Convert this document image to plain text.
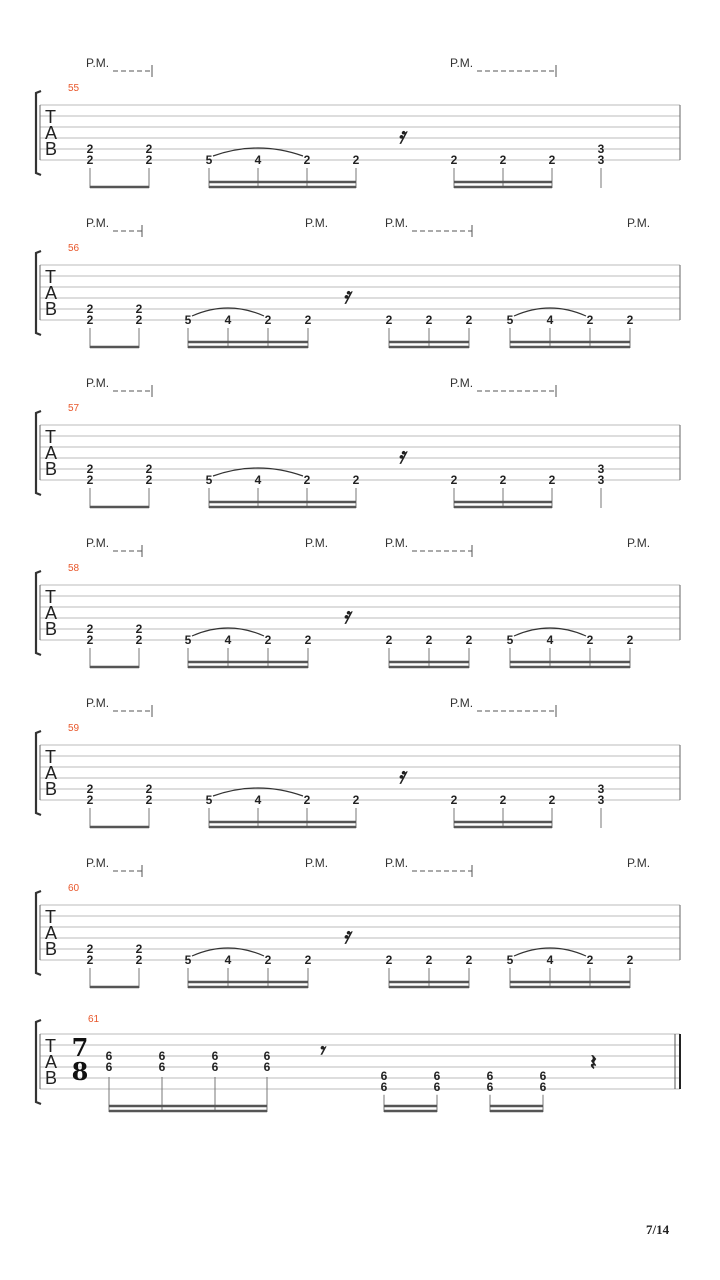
T
A
B
55
P.M.	P.M.
𝄿
2
2
2
2	5	4	2	2	2	2	2
3
3
T
A
B
56
P.M.	P.M.	P.M.	P.M.
𝄿
2
2
2
2	5	4	2	2	2	2	2	5	4	2	2
T
A
B
57
P.M.	P.M.
𝄿
2
2
2
2	5	4	2	2	2	2	2
3
3
T
A
B
58
P.M.	P.M.	P.M.	P.M.
𝄿
2
2
2
2	5	4	2	2	2	2	2	5	4	2	2
T
A
B
59
P.M.	P.M.
𝄿
2
2
2
2	5	4	2	2	2	2	2
3
3
T
A
B
60
P.M.	P.M.	P.M.	P.M.
𝄿
2
2
2
2	5	4	2	2	2	2	2	5	4	2	2
T
A
B
61
7
8
6
6
6
6
6
6
6
6
6
6
6
6
6
6
6
6
𝄾	𝄽
7/14
